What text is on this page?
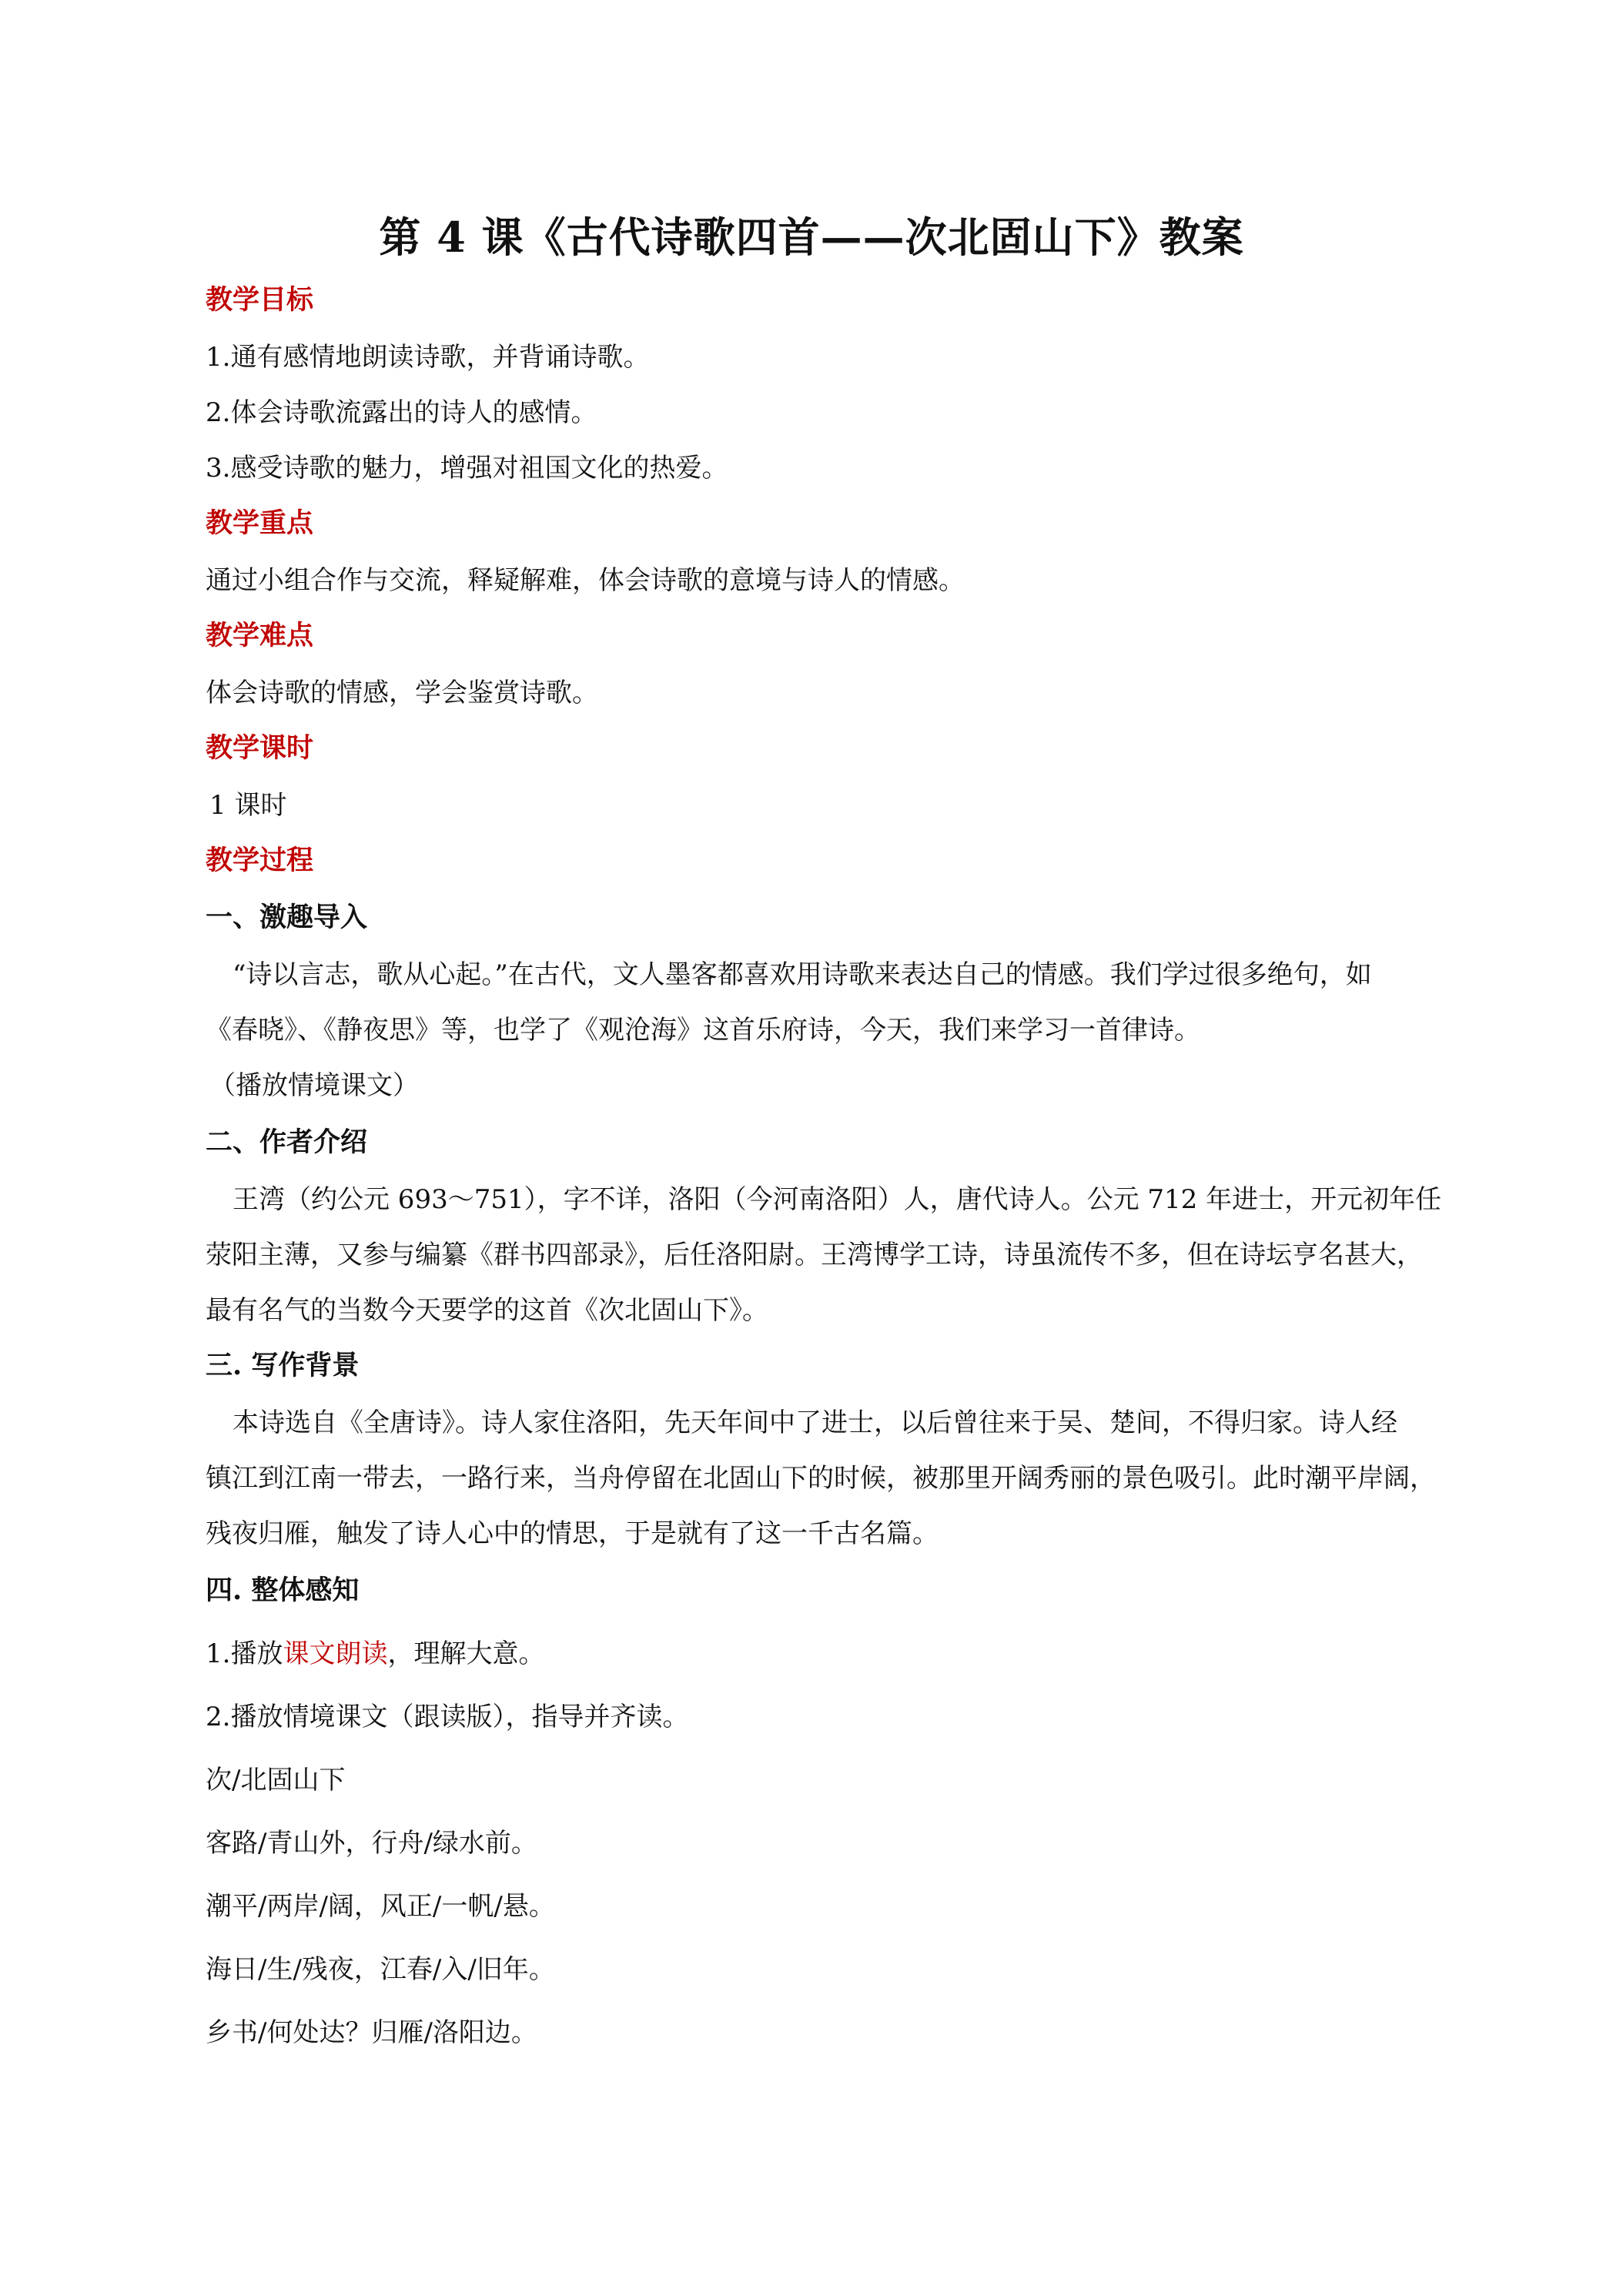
第 4 课《古代诗歌四首——次北固山下》教案
教学目标
1.通有感情地朗读诗歌，并背诵诗歌。
2.体会诗歌流露出的诗人的感情。
3.感受诗歌的魅力，增强对祖国文化的热爱。
教学重点
通过小组合作与交流，释疑解难，体会诗歌的意境与诗人的情感。
教学难点
体会诗歌的情感，学会鉴赏诗歌。
教学课时
1 课时
教学过程
一、激趣导入
“诗以言志，歌从心起。”在古代，文人墨客都喜欢用诗歌来表达自己的情感。我们学过很多绝句，如
《春晓》、《静夜思》等，也学了《观沧海》这首乐府诗，今天，我们来学习一首律诗。
（播放情境课文）
二、作者介绍
王湾（约公元 693～751），字不详，洛阳（今河南洛阳）人，唐代诗人。公元 712 年进士，开元初年任
荥阳主薄，又参与编纂《群书四部录》，后任洛阳尉。王湾博学工诗，诗虽流传不多，但在诗坛亨名甚大，
最有名气的当数今天要学的这首《次北固山下》。
三. 写作背景
本诗选自《全唐诗》。诗人家住洛阳，先天年间中了进士，以后曾往来于吴、楚间，不得归家。诗人经
镇江到江南一带去，一路行来，当舟停留在北固山下的时候，被那里开阔秀丽的景色吸引。此时潮平岸阔，
残夜归雁，触发了诗人心中的情思，于是就有了这一千古名篇。
四. 整体感知
1.播放课文朗读，理解大意。
2.播放情境课文（跟读版），指导并齐读。
次/北固山下
客路/青山外，行舟/绿水前。
潮平/两岸/阔，风正/一帆/悬。
海日/生/残夜，江春/入/旧年。
乡书/何处达？归雁/洛阳边。
